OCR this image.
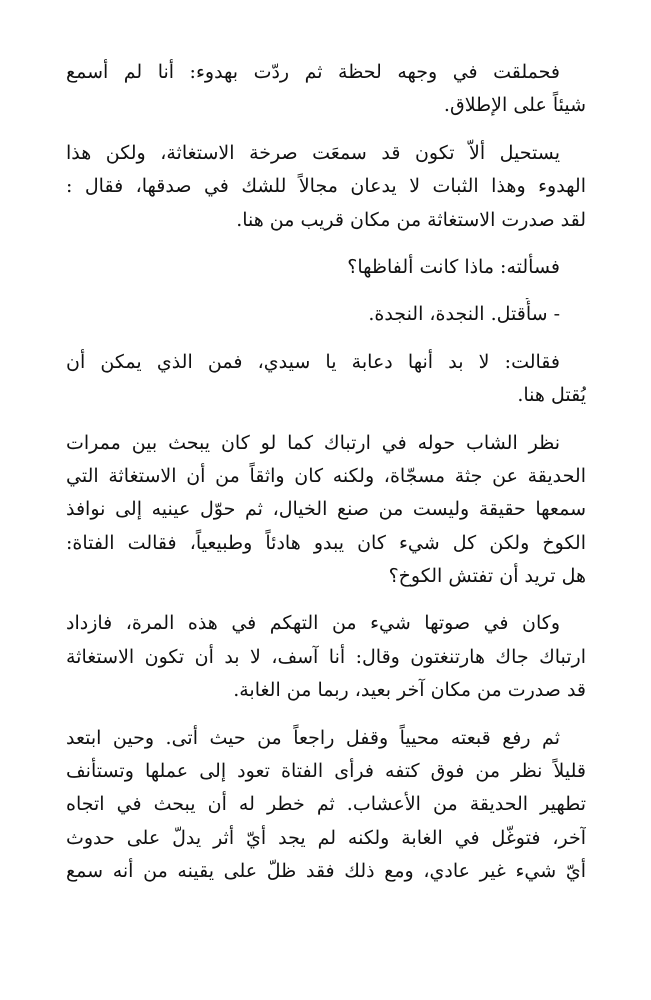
فحملقت في وجهه لحظة ثم ردّت بهدوء: أنا لم أسمع
شيئاً على الإطلاق.
يستحيل ألاّ تكون قد سمعَت صرخة الاستغاثة، ولكن هذا
الهدوء وهذا الثبات لا يدعان مجالاً للشك في صدقها، فقال :
لقد صدرت الاستغاثة من مكان قريب من هنا.
فسألته: ماذا كانت ألفاظها؟
- سأُقتل. النجدة، النجدة.
فقالت: لا بد أنها دعابة يا سيدي، فمن الذي يمكن أن
يُقتل هنا.
نظر الشاب حوله في ارتباك كما لو كان يبحث بين ممرات
الحديقة عن جثة مسجّاة، ولكنه كان واثقاً من أن الاستغاثة التي
سمعها حقيقة وليست من صنع الخيال، ثم حوّل عينيه إلى نوافذ
الكوخ ولكن كل شيء كان يبدو هادئاً وطبيعياً، فقالت الفتاة:
هل تريد أن تفتش الكوخ؟
وكان في صوتها شيء من التهكم في هذه المرة، فازداد
ارتباك جاك هارتنغتون وقال: أنا آسف، لا بد أن تكون الاستغاثة
قد صدرت من مكان آخر بعيد، ربما من الغابة.
ثم رفع قبعته محيياً وقفل راجعاً من حيث أتى. وحين ابتعد
قليلاً نظر من فوق كتفه فرأى الفتاة تعود إلى عملها وتستأنف
تطهير الحديقة من الأعشاب. ثم خطر له أن يبحث في اتجاه
آخر، فتوغّل في الغابة ولكنه لم يجد أيّ أثر يدلّ على حدوث
أيّ شيء غير عادي، ومع ذلك فقد ظلّ على يقينه من أنه سمع
